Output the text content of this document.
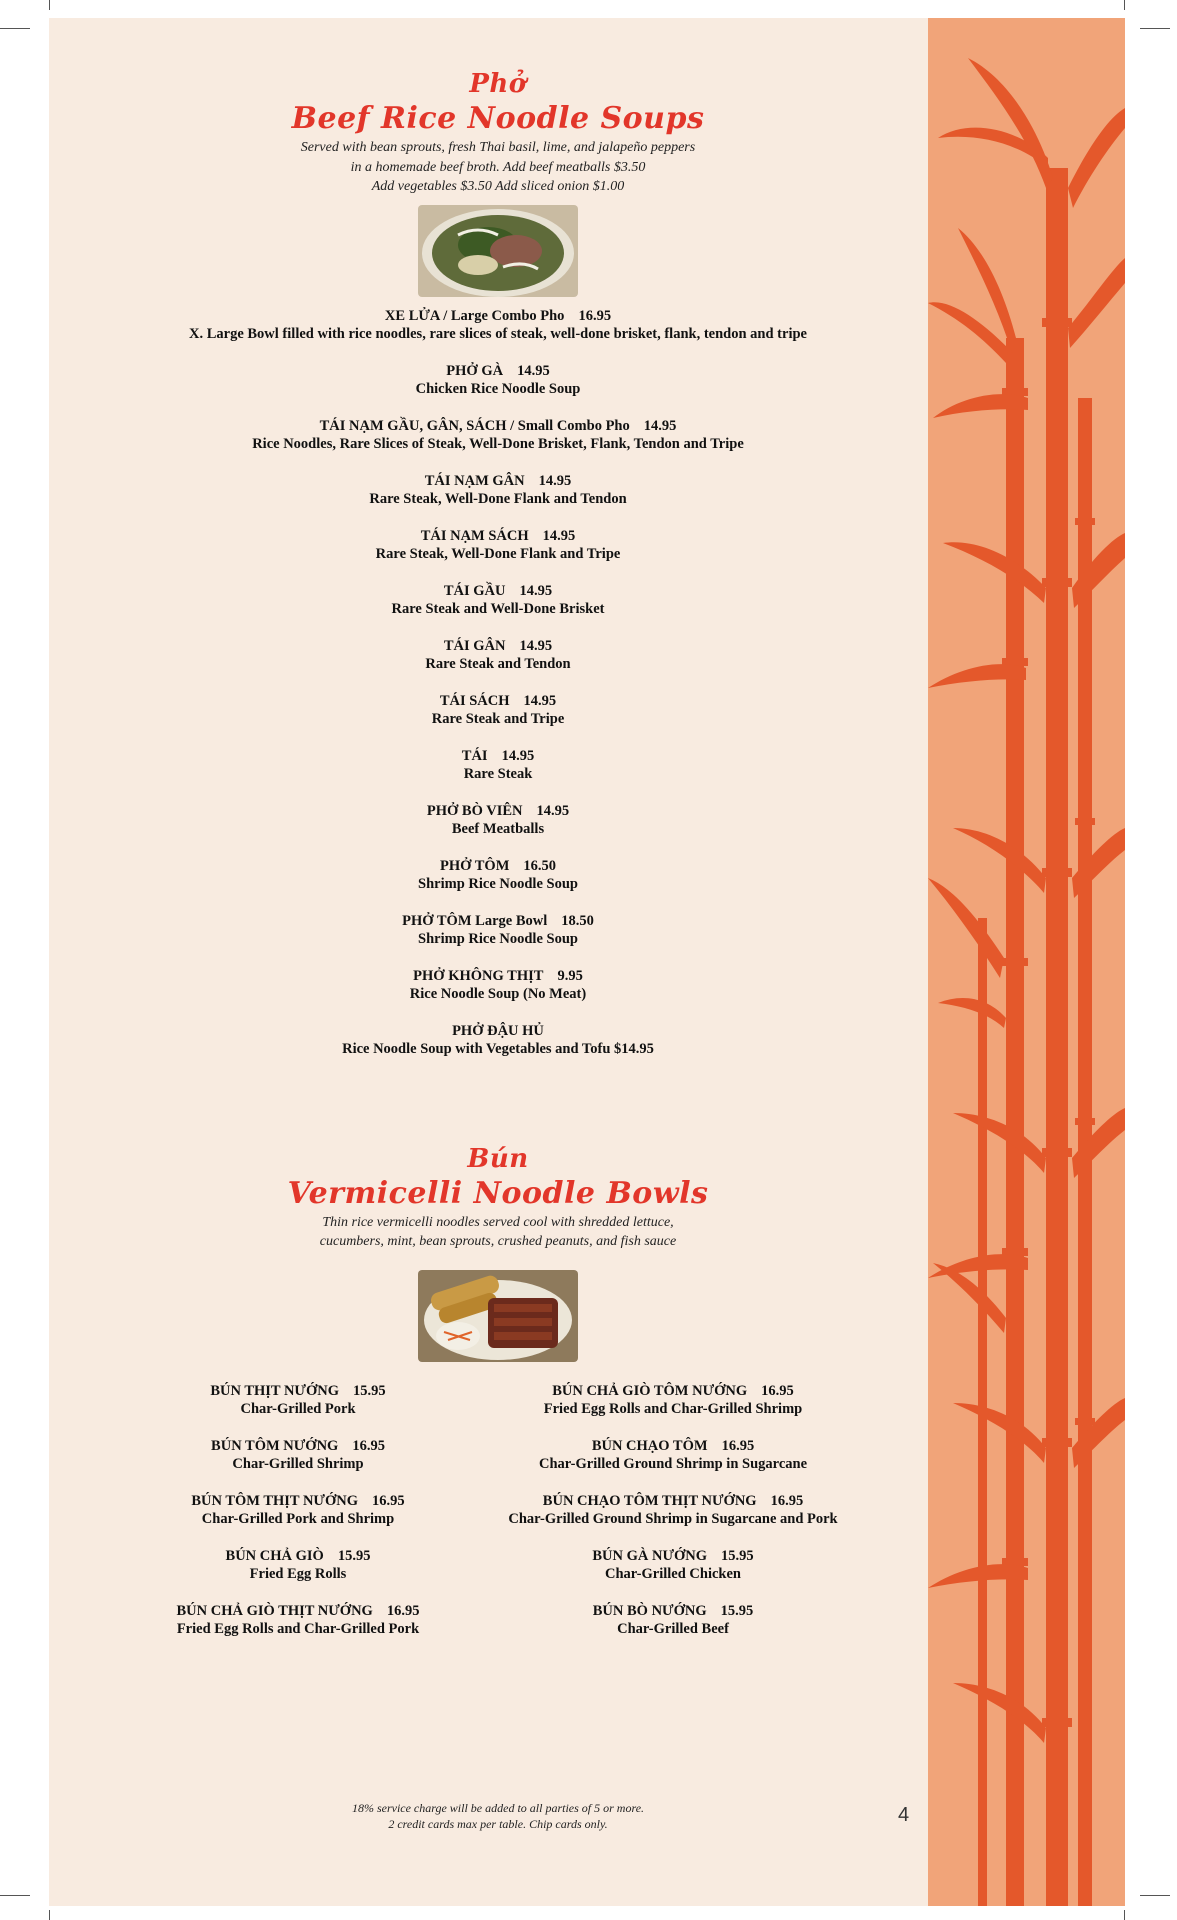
Phở
Beef Rice Noodle Soups

Served with bean sprouts, fresh Thai basil, lime, and jalapeño peppers

in a homemade beef broth. Add beef meatballs $3.50

Add vegetables $3.50 Add sliced onion $1.00

XE LỬA / Large Combo Pho 16.95
X. Large Bowl filled with rice noodles, rare slices of steak, well-done brisket, flank, tendon and tripe
PHỞ GÀ 14.95
Chicken Rice Noodle Soup
TÁI NẠM GẦU, GÂN, SÁCH / Small Combo Pho 14.95
Rice Noodles, Rare Slices of Steak, Well-Done Brisket, Flank, Tendon and Tripe
TÁI NẠM GÂN 14.95
Rare Steak, Well-Done Flank and Tendon
TÁI NẠM SÁCH 14.95
Rare Steak, Well-Done Flank and Tripe
TÁI GẦU 14.95
Rare Steak and Well-Done Brisket
TÁI GÂN 14.95
Rare Steak and Tendon
TÁI SÁCH 14.95
Rare Steak and Tripe
TÁI 14.95
Rare Steak
PHỞ BÒ VIÊN 14.95
Beef Meatballs
PHỞ TÔM 16.50
Shrimp Rice Noodle Soup
PHỞ TÔM Large Bowl 18.50
Shrimp Rice Noodle Soup
PHỞ KHÔNG THỊT 9.95
Rice Noodle Soup (No Meat)
PHỞ ĐẬU HỦ
Rice Noodle Soup with Vegetables and Tofu $14.95
Bún
Vermicelli Noodle Bowls

Thin rice vermicelli noodles served cool with shredded lettuce,

cucumbers, mint, bean sprouts, crushed peanuts, and fish sauce

BÚN THỊT NƯỚNG 15.95
Char-Grilled Pork
BÚN TÔM NƯỚNG 16.95
Char-Grilled Shrimp
BÚN TÔM THỊT NƯỚNG 16.95
Char-Grilled Pork and Shrimp
BÚN CHẢ GIÒ 15.95
Fried Egg Rolls
BÚN CHẢ GIÒ THỊT NƯỚNG 16.95
Fried Egg Rolls and Char-Grilled Pork
BÚN CHẢ GIÒ TÔM NƯỚNG 16.95
Fried Egg Rolls and Char-Grilled Shrimp
BÚN CHẠO TÔM 16.95
Char-Grilled Ground Shrimp in Sugarcane
BÚN CHẠO TÔM THỊT NƯỚNG 16.95
Char-Grilled Ground Shrimp in Sugarcane and Pork
BÚN GÀ NƯỚNG 15.95
Char-Grilled Chicken
BÚN BÒ NƯỚNG 15.95
Char-Grilled Beef
18% service charge will be added to all parties of 5 or more.
2 credit cards max per table. Chip cards only.	4
